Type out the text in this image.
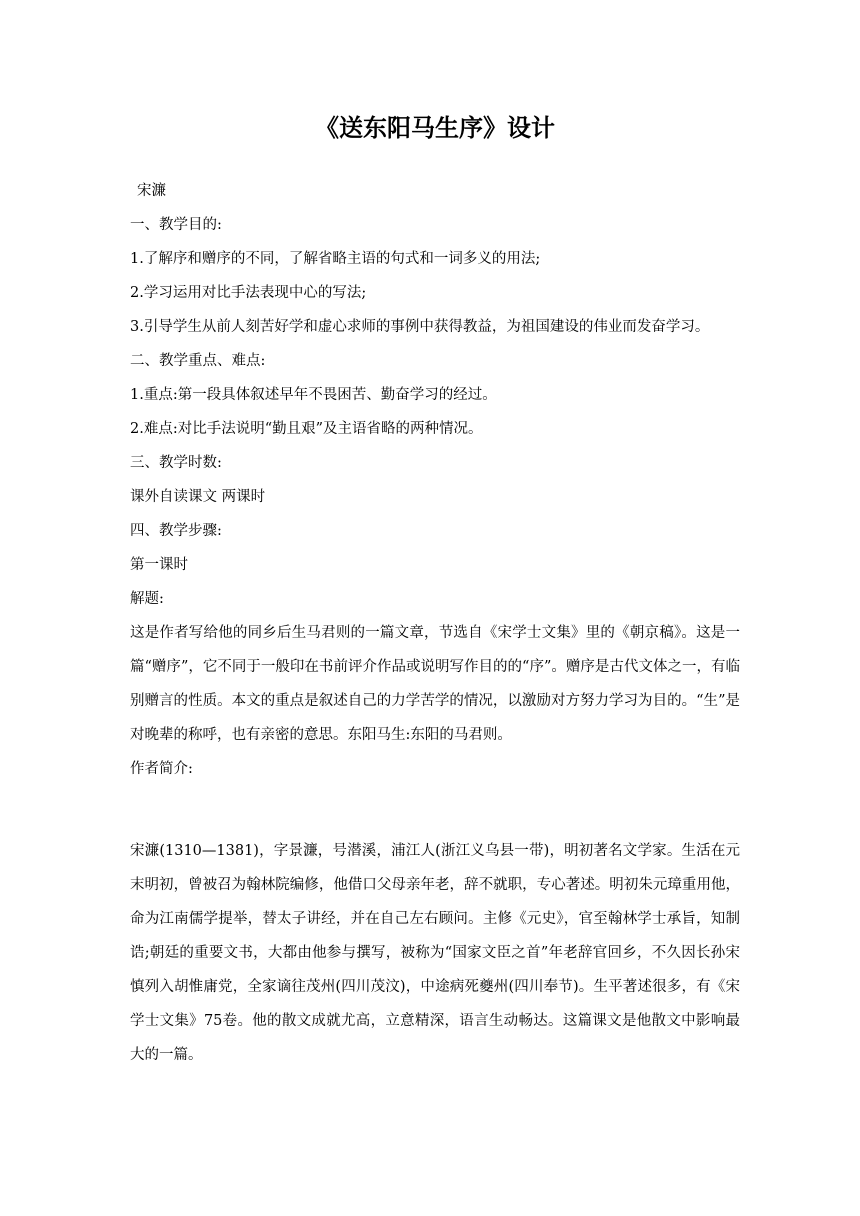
《送东阳马生序》设计
宋濂
一、教学目的:
1.了解序和赠序的不同，了解省略主语的句式和一词多义的用法;
2.学习运用对比手法表现中心的写法;
3.引导学生从前人刻苦好学和虚心求师的事例中获得教益，为祖国建设的伟业而发奋学习。
二、教学重点、难点:
1.重点:第一段具体叙述早年不畏困苦、勤奋学习的经过。
2.难点:对比手法说明“勤且艰”及主语省略的两种情况。
三、教学时数:
课外自读课文 两课时
四、教学步骤:
第一课时
解题:
这是作者写给他的同乡后生马君则的一篇文章，节选自《宋学士文集》里的《朝京稿》。这是一篇“赠序”，它不同于一般印在书前评介作品或说明写作目的的“序”。赠序是古代文体之一，有临别赠言的性质。本文的重点是叙述自己的力学苦学的情况，以激励对方努力学习为目的。“生”是对晚辈的称呼，也有亲密的意思。东阳马生:东阳的马君则。
作者简介:
宋濂(1310—1381)，字景濂，号潜溪，浦江人(浙江义乌县一带)，明初著名文学家。生活在元末明初，曾被召为翰林院编修，他借口父母亲年老，辞不就职，专心著述。明初朱元璋重用他，命为江南儒学提举，替太子讲经，并在自己左右顾问。主修《元史》，官至翰林学士承旨，知制诰;朝廷的重要文书，大都由他参与撰写，被称为“国家文臣之首”年老辞官回乡，不久因长孙宋慎列入胡惟庸党，全家谪往茂州(四川茂汶)，中途病死夔州(四川奉节)。生平著述很多，有《宋学士文集》75卷。他的散文成就尤高，立意精深，语言生动畅达。这篇课文是他散文中影响最大的一篇。
